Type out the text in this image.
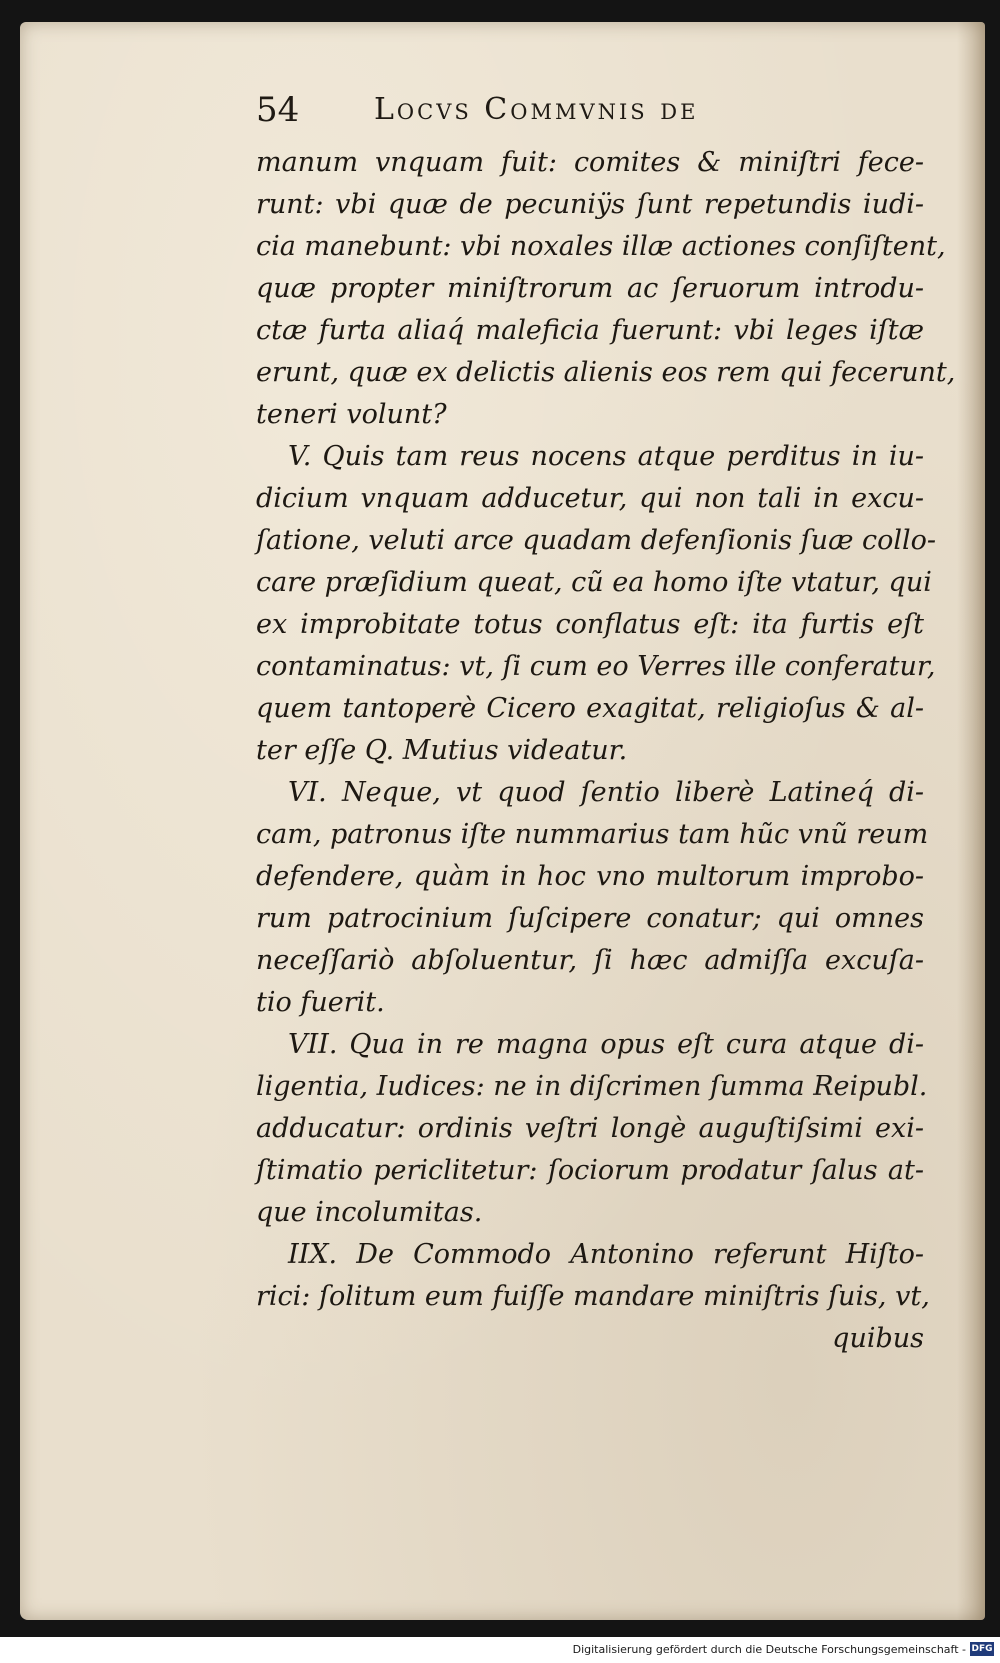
54 Locvs Commvnis de
manum vnquam fuit: comites & miniſtri fece-
runt: vbi quæ de pecuniÿs ſunt repetundis iudi-
cia manebunt: vbi noxales illæ actiones conſiſtent,
quæ propter miniſtrorum ac ſeruorum introdu-
ctæ furta aliaq́ maleficia fuerunt: vbi leges iſtæ
erunt, quæ ex delictis alienis eos rem qui fecerunt,
teneri volunt?
V. Quis tam reus nocens atque perditus in iu-
dicium vnquam adducetur, qui non tali in excu-
ſatione, veluti arce quadam defenſionis ſuæ collo-
care præſidium queat, cũ ea homo iſte vtatur, qui
ex improbitate totus conflatus eſt: ita furtis eſt
contaminatus: vt, ſi cum eo Verres ille conferatur,
quem tantoperè Cicero exagitat, religioſus & al-
ter eſſe Q. Mutius videatur.
VI. Neque, vt quod ſentio liberè Latineq́ di-
cam, patronus iſte nummarius tam hũc vnũ reum
defendere, quàm in hoc vno multorum improbo-
rum patrocinium ſuſcipere conatur; qui omnes
neceſſariò abſoluentur, ſi hæc admiſſa excuſa-
tio fuerit.
VII. Qua in re magna opus eſt cura atque di-
ligentia, Iudices: ne in diſcrimen ſumma Reipubl.
adducatur: ordinis veſtri longè auguſtiſsimi exi-
ſtimatio periclitetur: ſociorum prodatur ſalus at-
que incolumitas.
IIX. De Commodo Antonino referunt Hiſto-
rici: ſolitum eum fuiſſe mandare miniſtris ſuis, vt,
quibus
Digitalisierung gefördert durch die Deutsche Forschungsgemeinschaft - DFG
